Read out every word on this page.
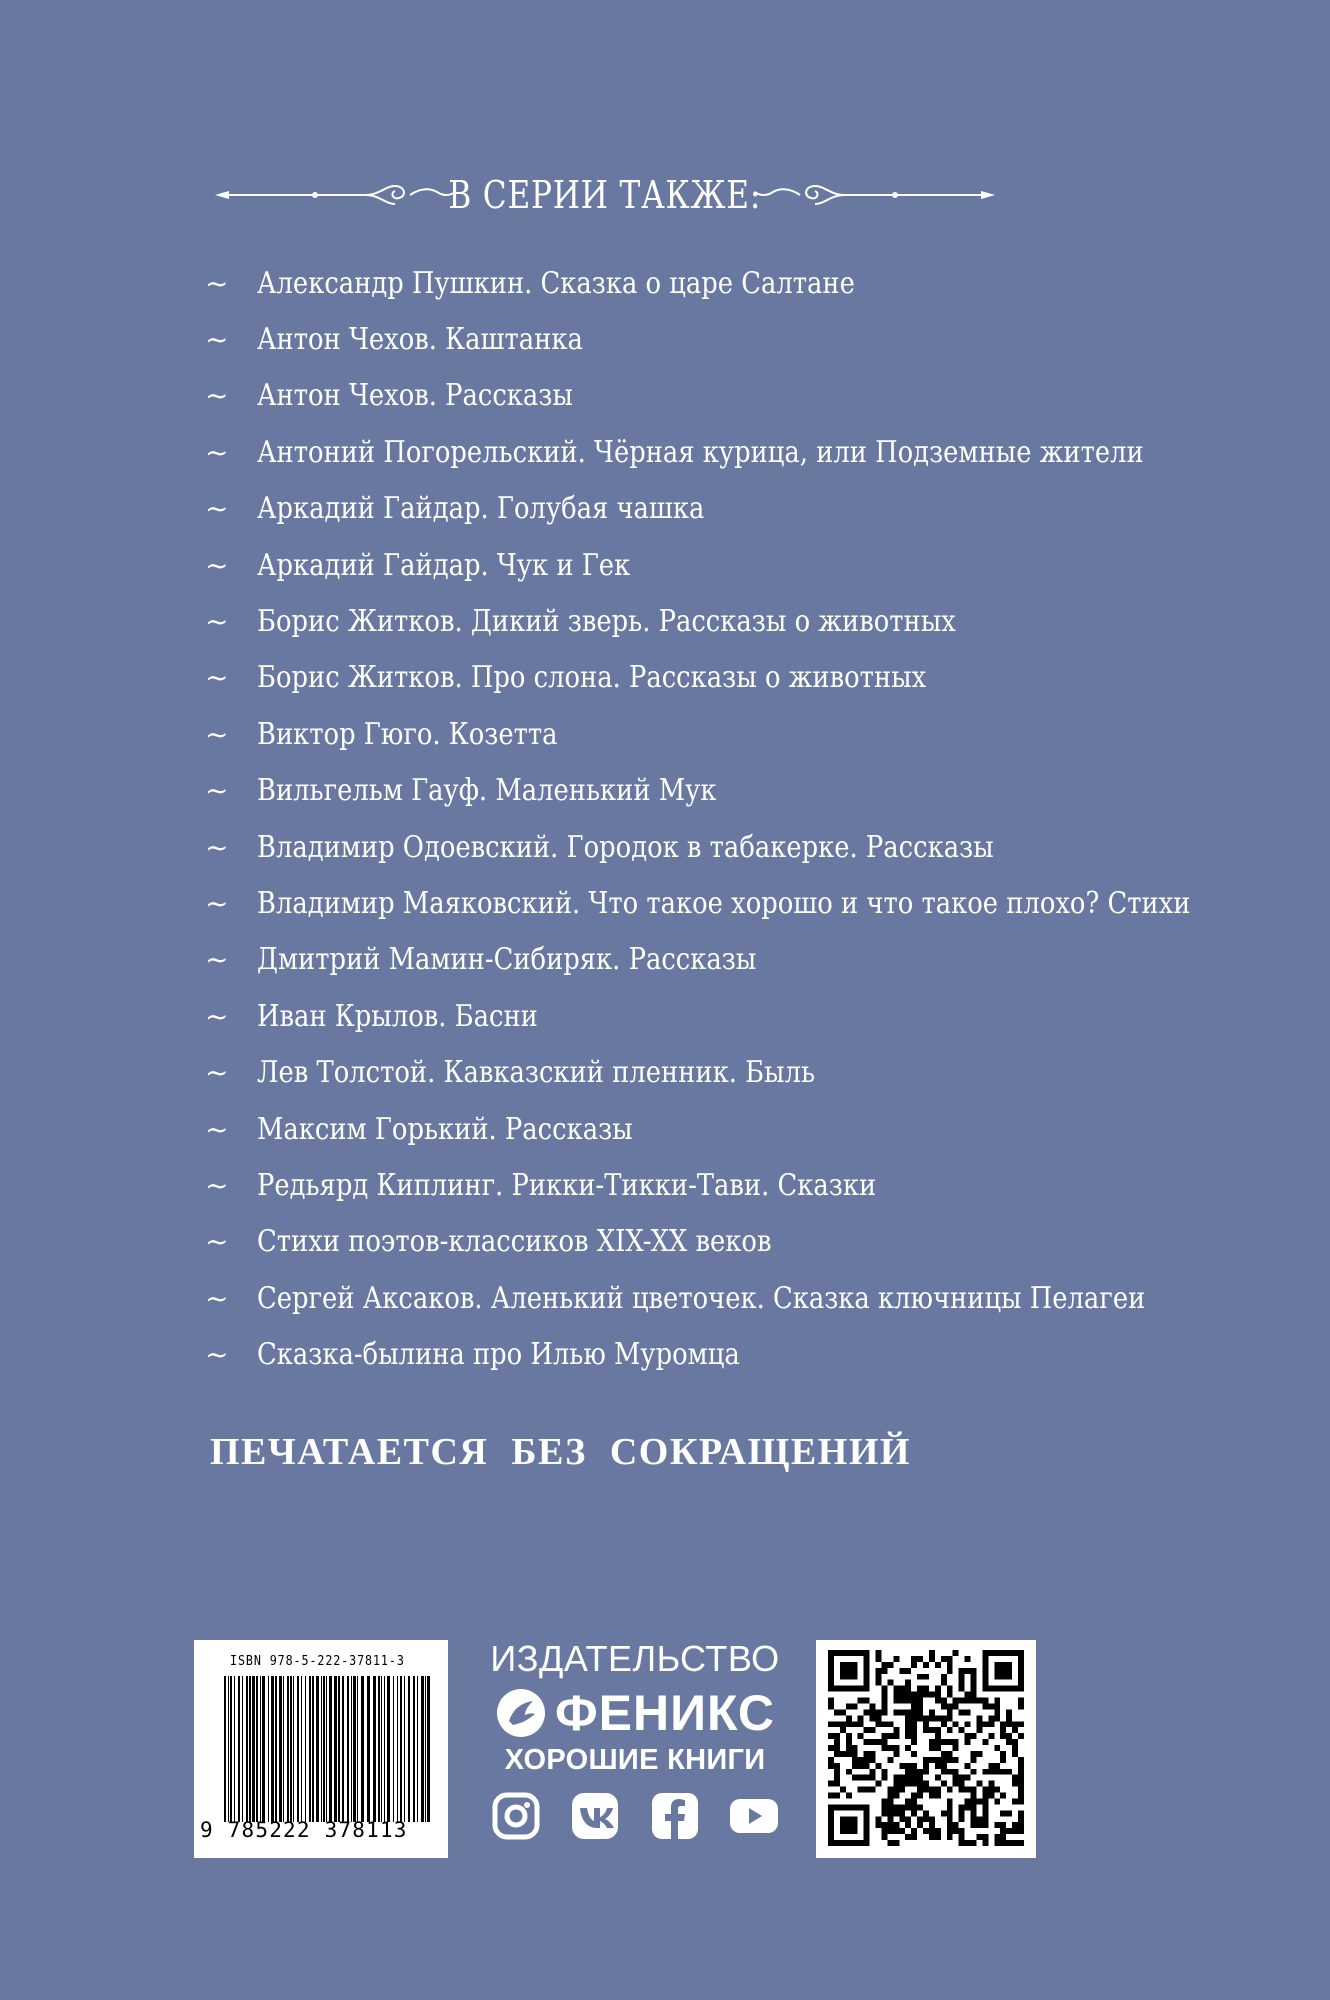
В СЕРИИ ТАКЖЕ:
~ Александр Пушкин. Сказка о царе Салтане
~ Антон Чехов. Каштанка
~ Антон Чехов. Рассказы
~ Антоний Погорельский. Чёрная курица, или Подземные жители
~ Аркадий Гайдар. Голубая чашка
~ Аркадий Гайдар. Чук и Гек
~ Борис Житков. Дикий зверь. Рассказы о животных
~ Борис Житков. Про слона. Рассказы о животных
~ Виктор Гюго. Козетта
~ Вильгельм Гауф. Маленький Мук
~ Владимир Одоевский. Городок в табакерке. Рассказы
~ Владимир Маяковский. Что такое хорошо и что такое плохо? Стихи
~ Дмитрий Мамин-Сибиряк. Рассказы
~ Иван Крылов. Басни
~ Лев Толстой. Кавказский пленник. Быль
~ Максим Горький. Рассказы
~ Редьярд Киплинг. Рикки-Тикки-Тави. Сказки
~ Стихи поэтов-классиков XIX-XX веков
~ Сергей Аксаков. Аленький цветочек. Сказка ключницы Пелагеи
~ Сказка-былина про Илью Муромца
ПЕЧАТАЕТСЯ БЕЗ СОКРАЩЕНИЙ
ISBN 978-5-222-37811-3
9 785222 378113
ИЗДАТЕЛЬСТВО
ФЕНИКС
ХОРОШИЕ КНИГИ
